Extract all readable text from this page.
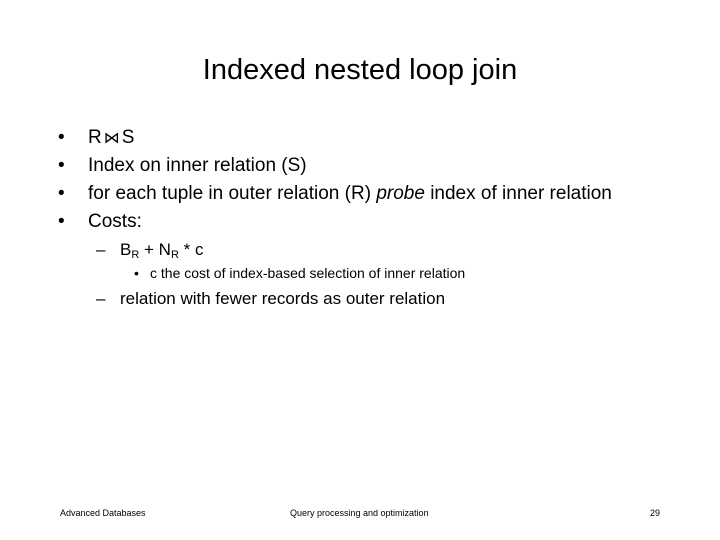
Indexed nested loop join
• R ⋈ S
• Index on inner relation (S)
• for each tuple in outer relation (R) probe index of inner relation
• Costs:
– $B_R + N_R * c$
• c the cost of index-based selection of inner relation
– relation with fewer records as outer relation
Advanced Databases	Query processing and optimization	29
